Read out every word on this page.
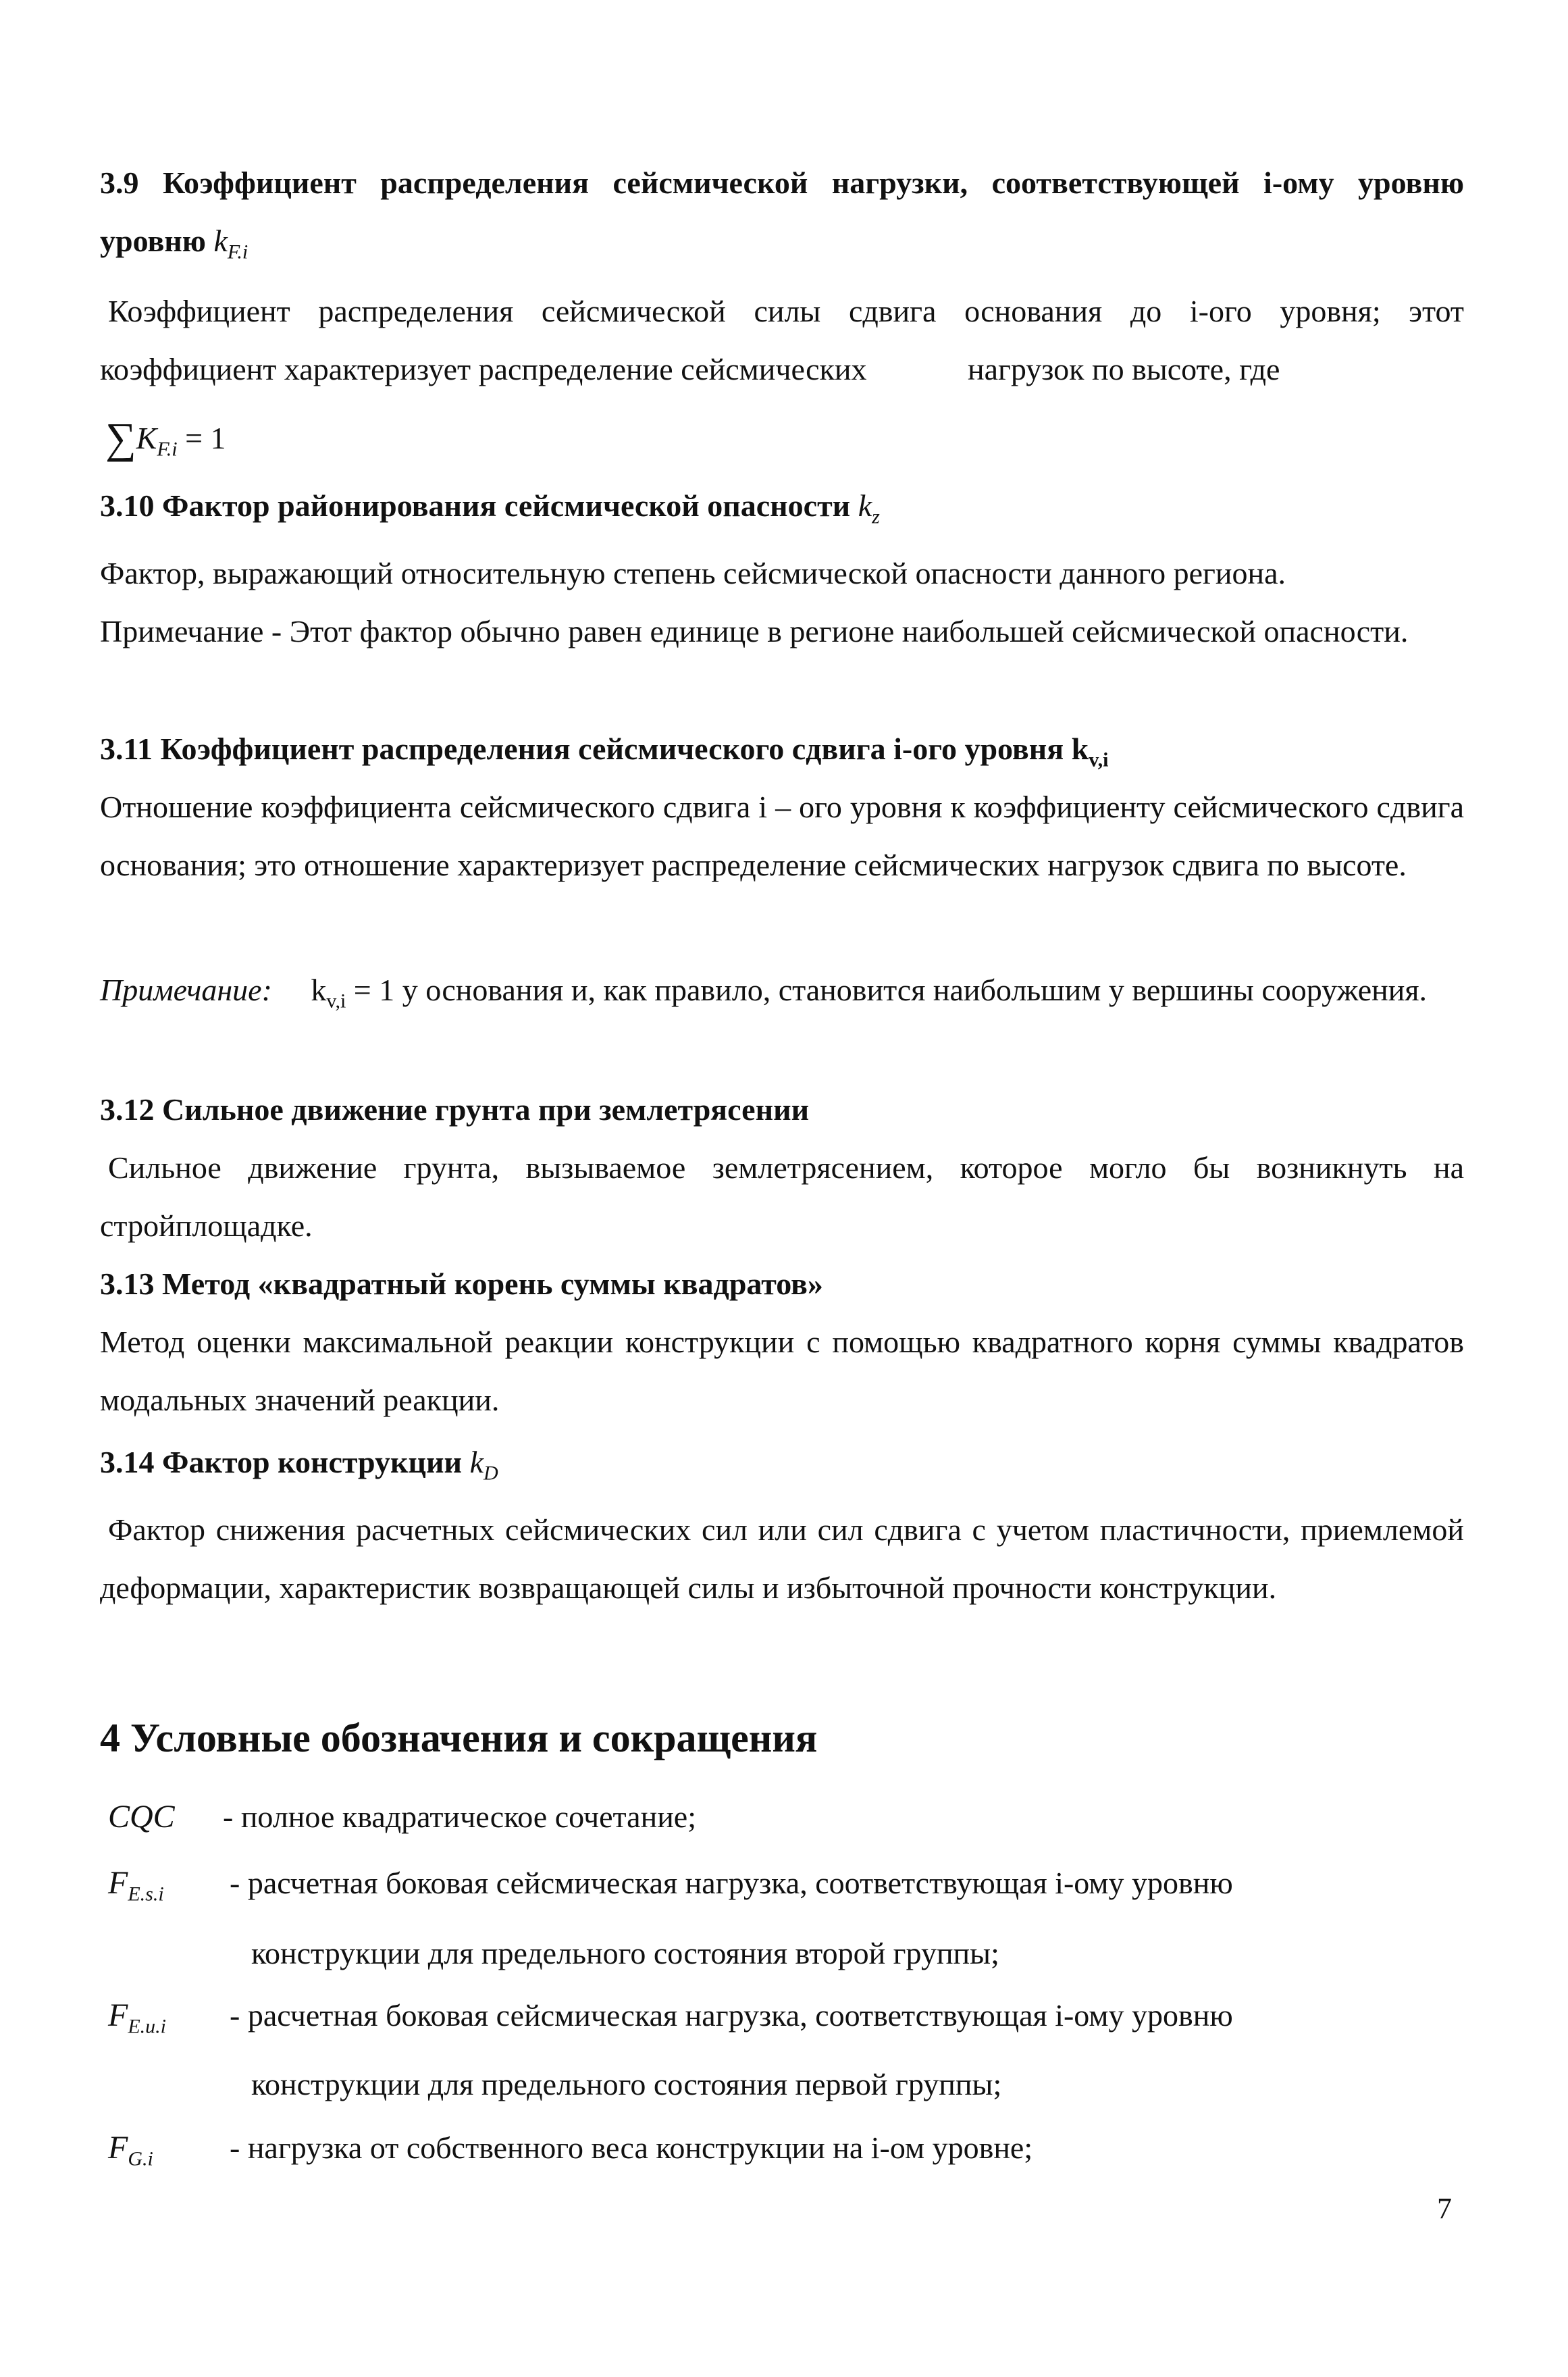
3.9 Коэффициент распределения сейсмической нагрузки, соответствующей i-ому уровню

уровню $k_{F.i}$

Коэффициент распределения сейсмической силы сдвига основания до i-ого уровня; этот коэффициент характеризует распределение сейсмических	нагрузок по высоте, где

$\sum K_{F.i} = 1$

3.10 Фактор районирования сейсмической опасности $k_z$

Фактор, выражающий относительную степень сейсмической опасности данного региона.

Примечание - Этот фактор обычно равен единице в регионе наибольшей сейсмической опасности.

3.11 Коэффициент распределения сейсмического сдвига i-ого уровня $k_{v,i}$

Отношение коэффициента сейсмического сдвига i – ого уровня к коэффициенту сейсмического сдвига основания; это отношение характеризует распределение сейсмических нагрузок сдвига по высоте.

Примечание: $k_{v,i} = 1$ у основания и, как правило, становится наибольшим у вершины сооружения.

3.12 Сильное движение грунта при землетрясении

Сильное движение грунта, вызываемое землетрясением, которое могло бы возникнуть на стройплощадке.

3.13 Метод «квадратный корень суммы квадратов»

Метод оценки максимальной реакции конструкции с помощью квадратного корня суммы квадратов модальных значений реакции.

3.14 Фактор конструкции $k_D$

Фактор снижения расчетных сейсмических сил или сил сдвига с учетом пластичности, приемлемой деформации, характеристик возвращающей силы и избыточной прочности конструкции.

4 Условные обозначения и сокращения
CQC - полное квадратическое сочетание;
$F_{E.s.i}$ - расчетная боковая сейсмическая нагрузка, соответствующая i-ому уровню
конструкции для предельного состояния второй группы;
$F_{E.u.i}$ - расчетная боковая сейсмическая нагрузка, соответствующая i-ому уровню
конструкции для предельного состояния первой группы;
$F_{G.i}$ - нагрузка от собственного веса конструкции на i-ом уровне;
7
